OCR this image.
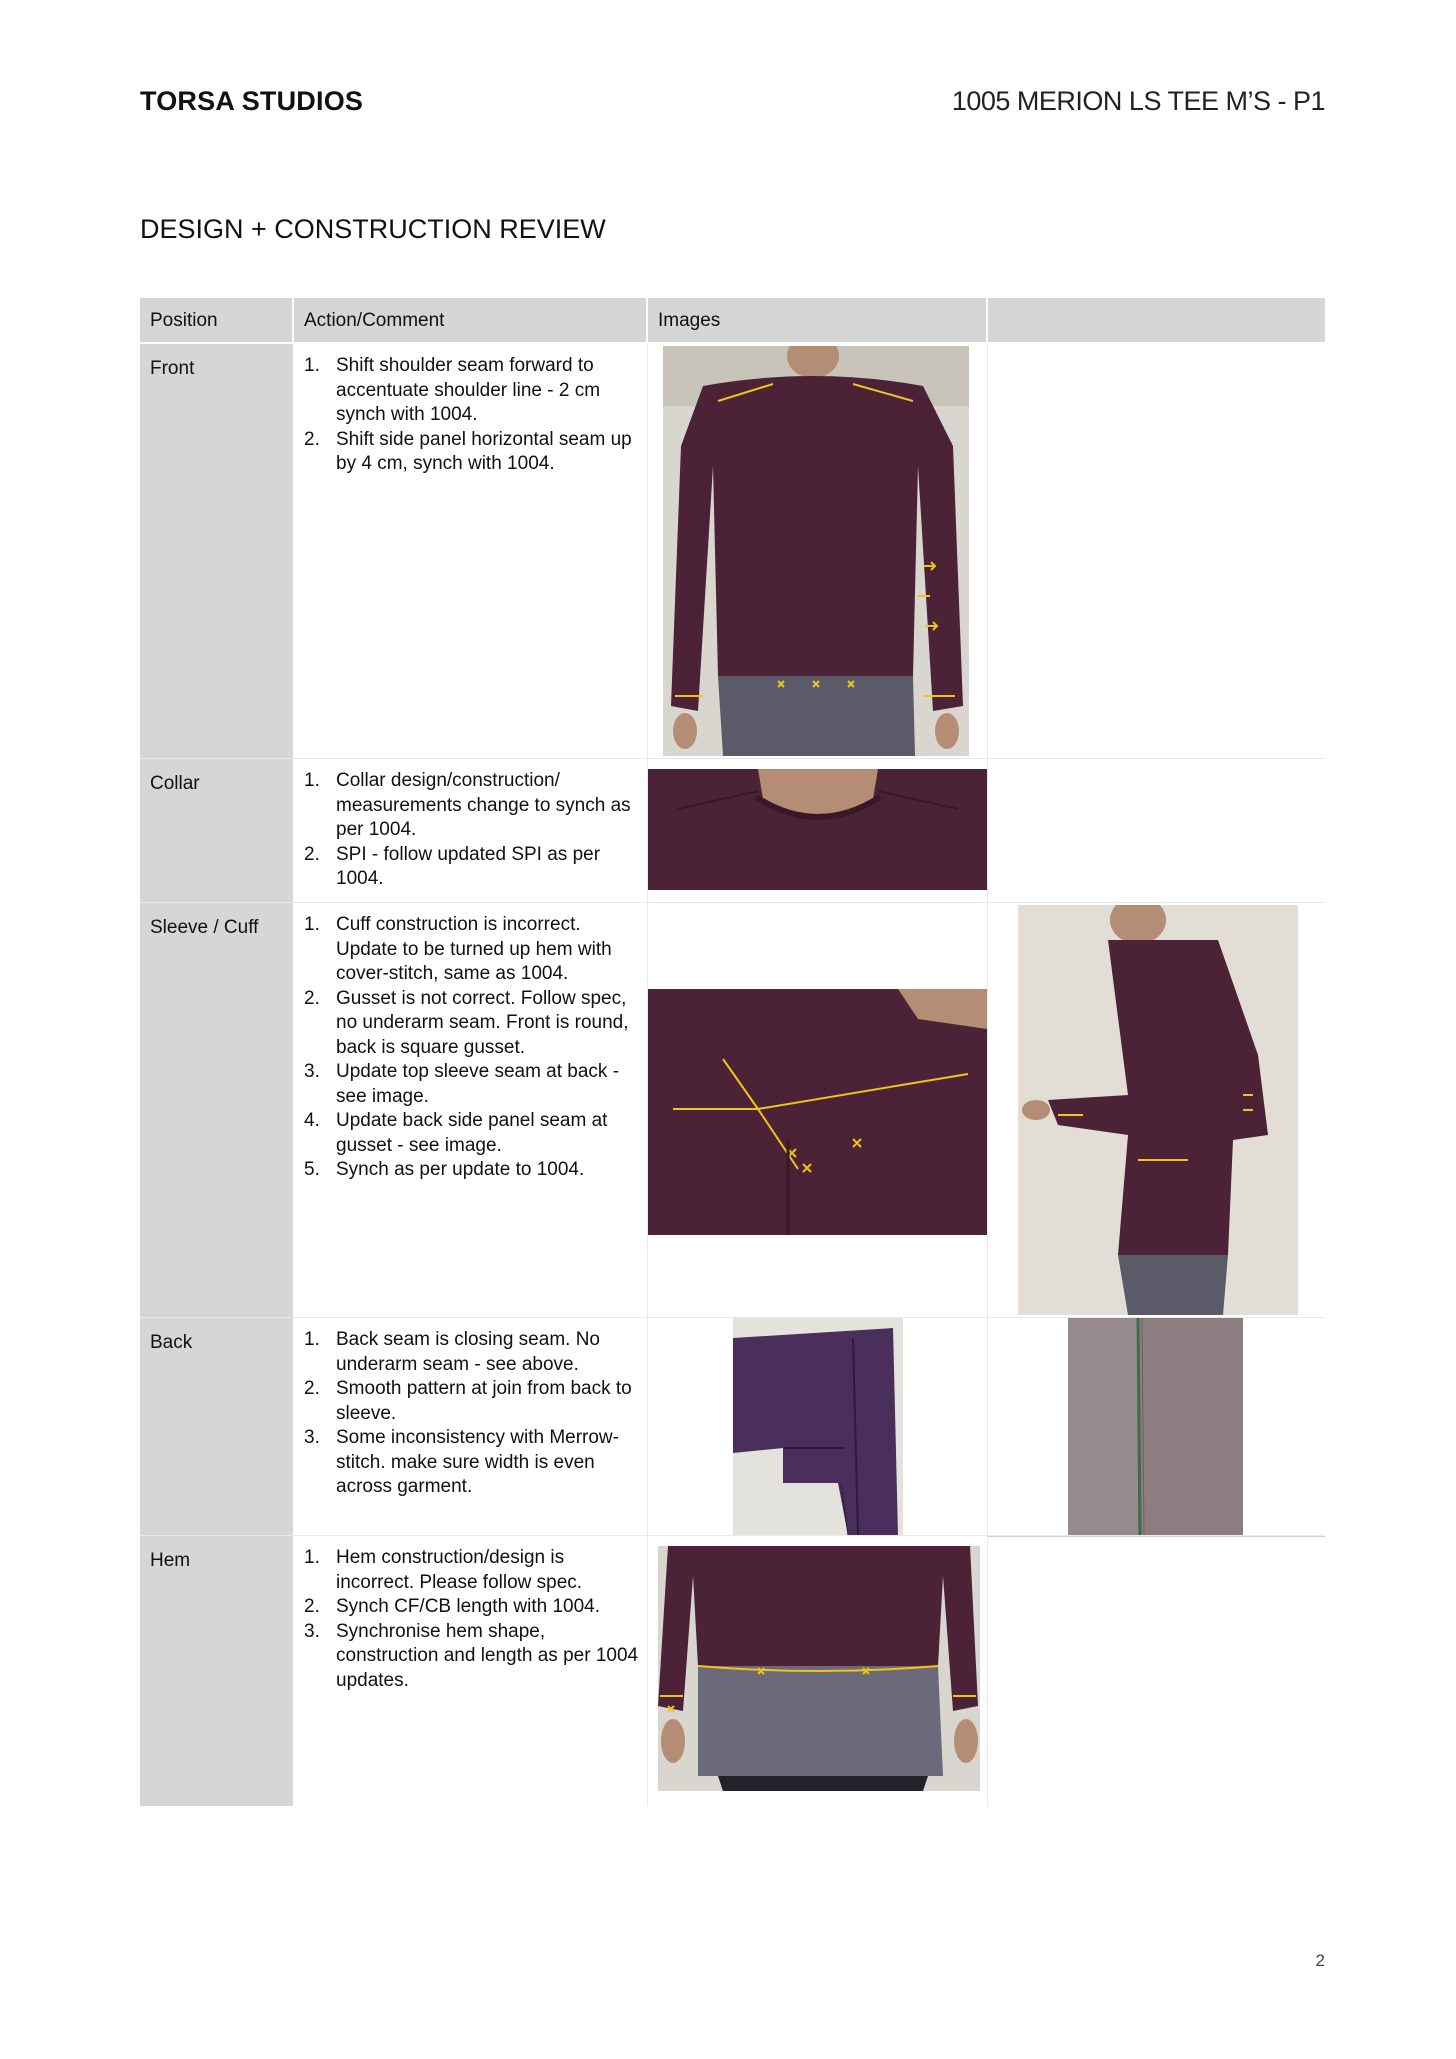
TORSA STUDIOS	1005 MERION LS TEE M’S - P1
DESIGN + CONSTRUCTION REVIEW
Position	Action/Comment	Images
Front	1. Shift shoulder seam forward to accentuate shoulder line - 2 cm synch with 1004.
2. Shift side panel horizontal seam up by 4 cm, synch with 1004.
Collar	1. Collar design/construction/ measurements change to synch as per 1004.
2. SPI - follow updated SPI as per 1004.
Sleeve / Cuff	1. Cuff construction is incorrect. Update to be turned up hem with cover-stitch, same as 1004.
2. Gusset is not correct. Follow spec, no underarm seam. Front is round, back is square gusset.
3. Update top sleeve seam at back - see image.
4. Update back side panel seam at gusset - see image.
5. Synch as per update to 1004.
Back	1. Back seam is closing seam. No underarm seam - see above.
2. Smooth pattern at join from back to sleeve.
3. Some inconsistency with Merrow-stitch. make sure width is even across garment.
Hem	1. Hem construction/design is incorrect. Please follow spec.
2. Synch CF/CB length with 1004.
3. Synchronise hem shape, construction and length as per 1004 updates.
2
